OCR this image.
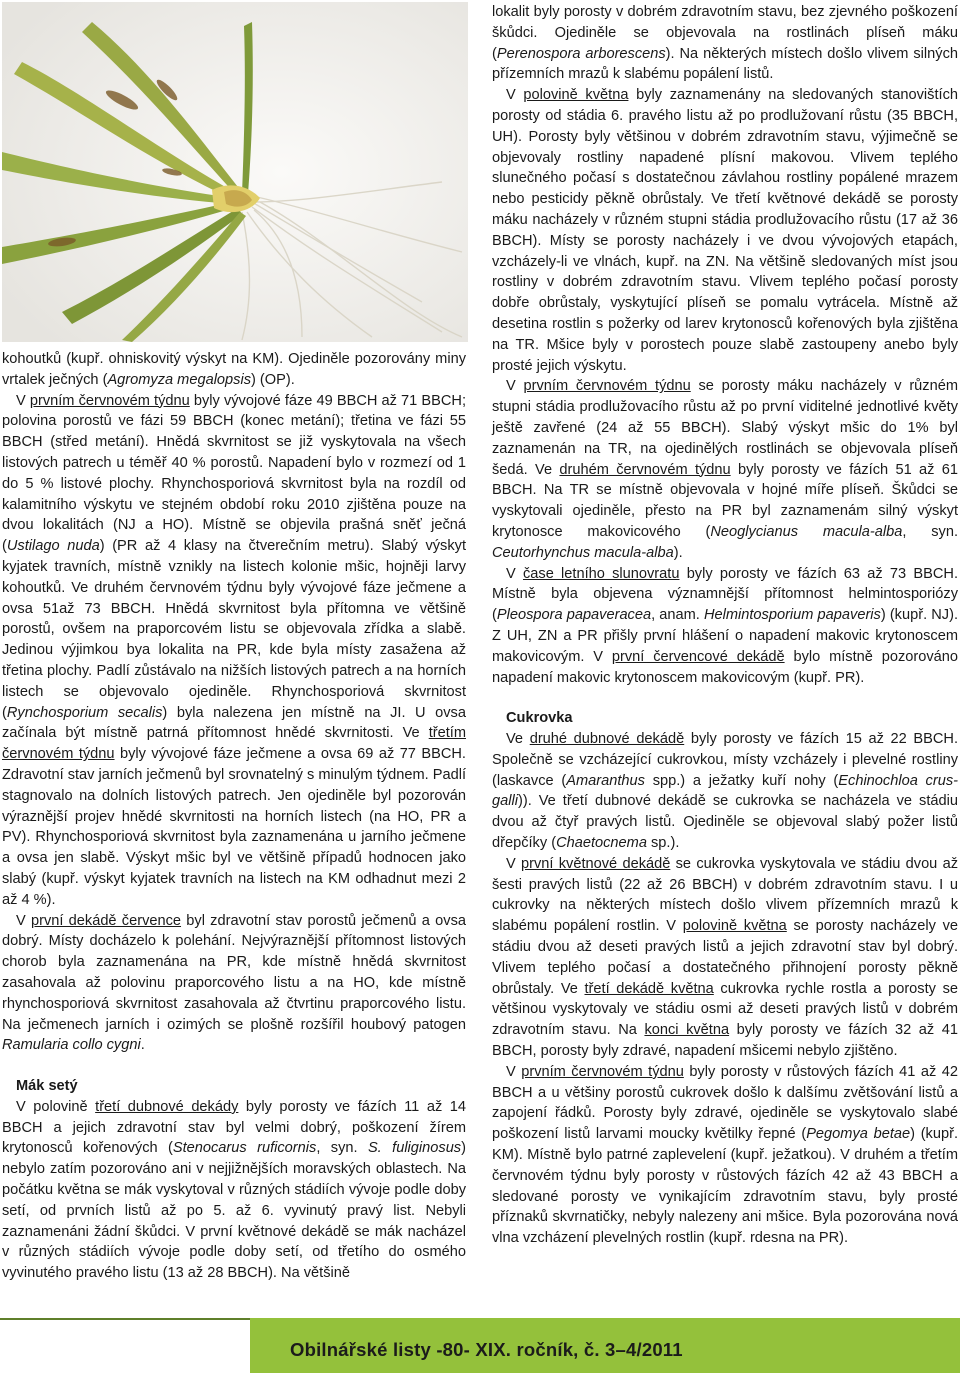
kohoutků (kupř. ohniskovitý výskyt na KM). Ojediněle pozorovány miny vrtalek ječných (Agromyza megalopsis) (OP).

V prvním červnovém týdnu byly vývojové fáze 49 BBCH až 71 BBCH; polovina porostů ve fázi 59 BBCH (konec metání); třetina ve fázi 55 BBCH (střed metání). Hnědá skvrnitost se již vyskytovala na všech listových patrech u téměř 40 % porostů. Napadení bylo v rozmezí od 1 do 5 % listové plochy. Rhynchosporiová skvrnitost byla na rozdíl od kalamitního výskytu ve stejném období roku 2010 zjištěna pouze na dvou lokalitách (NJ a HO). Místně se objevila prašná sněť ječná (Ustilago nuda) (PR až 4 klasy na čtverečním metru). Slabý výskyt kyjatek travních, místně vznikly na listech kolonie mšic, hojněji larvy kohoutků. Ve druhém červnovém týdnu byly vývojové fáze ječmene a ovsa 51až 73 BBCH. Hnědá skvrnitost byla přítomna ve většině porostů, ovšem na praporcovém listu se objevovala zřídka a slabě. Jedinou výjimkou bya lokalita na PR, kde byla místy zasažena až třetina plochy. Padlí zůstávalo na nižších listových patrech a na horních listech se objevovalo ojediněle. Rhynchosporiová skvrnitost (Rynchosporium secalis) byla nalezena jen místně na JI. U ovsa začínala být místně patrná přítomnost hnědé skvrnitosti. Ve třetím červnovém týdnu byly vývojové fáze ječmene a ovsa 69 až 77 BBCH. Zdravotní stav jarních ječmenů byl srovnatelný s minulým týdnem. Padlí stagnovalo na dolních listových patrech. Jen ojediněle byl pozorován výraznější projev hnědé skvrnitosti na horních listech (na HO, PR a PV). Rhynchosporiová skvrnitost byla zaznamenána u jarního ječmene a ovsa jen slabě. Výskyt mšic byl ve většině případů hodnocen jako slabý (kupř. výskyt kyjatek travních na listech na KM odhadnut mezi 2 až 4 %).

V první dekádě července byl zdravotní stav porostů ječmenů a ovsa dobrý. Místy docházelo k polehání. Nejvýraznější přítomnost listových chorob byla zaznamenána na PR, kde místně hnědá skvrnitost zasahovala až polovinu praporcového listu a na HO, kde místně rhynchosporiová skvrnitost zasahovala až čtvrtinu praporcového listu. Na ječmenech jarních i ozimých se plošně rozšířil houbový patogen Ramularia collo cygni.

Mák setý

V polovině třetí dubnové dekády byly porosty ve fázích 11 až 14 BBCH a jejich zdravotní stav byl velmi dobrý, poškození žírem krytonosců kořenových (Stenocarus ruficornis, syn. S. fuliginosus) nebylo zatím pozorováno ani v nejjižnějších moravských oblastech. Na počátku května se mák vyskytoval v různých stádiích vývoje podle doby setí, od prvních listů až po 5. až 6. vyvinutý pravý list. Nebyli zaznamenáni žádní škůdci. V první květnové dekádě se mák nacházel v různých stádiích vývoje podle doby setí, od třetího do osmého vyvinutého pravého listu (13 až 28 BBCH). Na většině

lokalit byly porosty v dobrém zdravotním stavu, bez zjevného poškození škůdci. Ojediněle se objevovala na rostlinách plíseň máku (Perenospora arborescens). Na některých místech došlo vlivem silných přízemních mrazů k slabému popálení listů.

V polovině května byly zaznamenány na sledovaných stanovištích porosty od stádia 6. pravého listu až po prodlužovaní růstu (35 BBCH, UH). Porosty byly většinou v dobrém zdravotním stavu, výjimečně se objevovaly rostliny napadené plísní makovou. Vlivem teplého slunečného počasí s dostatečnou závlahou rostliny popálené mrazem nebo pesticidy pěkně obrůstaly. Ve třetí květnové dekádě se porosty máku nacházely v různém stupni stádia prodlužovacího růstu (17 až 36 BBCH). Místy se porosty nacházely i ve dvou vývojových etapách, vzcházely-li ve vlnách, kupř. na ZN. Na většině sledovaných míst jsou rostliny v dobrém zdravotním stavu. Vlivem teplého počasí porosty dobře obrůstaly, vyskytující plíseň se pomalu vytrácela. Místně až desetina rostlin s požerky od larev krytonosců kořenových byla zjištěna na TR. Mšice byly v porostech pouze slabě zastoupeny anebo byly prosté jejich výskytu.

V prvním červnovém týdnu se porosty máku nacházely v různém stupni stádia prodlužovacího růstu až po první viditelné jednotlivé květy ještě zavřené (24 až 55 BBCH). Slabý výskyt mšic do 1% byl zaznamenán na TR, na ojedinělých rostlinách se objevovala plíseň šedá. Ve druhém červnovém týdnu byly porosty ve fázích 51 až 61 BBCH. Na TR se místně objevovala v hojné míře plíseň. Škůdci se vyskytovali ojediněle, přesto na PR byl zaznamenám silný výskyt krytonosce makovicového (Neoglycianus macula-alba, syn. Ceutorhynchus macula-alba).

V čase letního slunovratu byly porosty ve fázích 63 až 73 BBCH. Místně byla objevena významnější přítomnost helmintosporiózy (Pleospora papaveracea, anam. Helmintosporium papaveris) (kupř. NJ). Z UH, ZN a PR přišly první hlášení o napadení makovic krytonoscem makovicovým. V první červencové dekádě bylo místně pozorováno napadení makovic krytonoscem makovicovým (kupř. PR).

Cukrovka

Ve druhé dubnové dekádě byly porosty ve fázích 15 až 22 BBCH. Společně se vzcházející cukrovkou, místy vzcházely i plevelné rostliny (laskavce (Amaranthus spp.) a ježatky kuří nohy (Echinochloa crus-galli)). Ve třetí dubnové dekádě se cukrovka se nacházela ve stádiu dvou až čtyř pravých listů. Ojediněle se objevoval slabý požer listů dřepčíky (Chaetocnema sp.).

V první květnové dekádě se cukrovka vyskytovala ve stádiu dvou až šesti pravých listů (22 až 26 BBCH) v dobrém zdravotním stavu. I u cukrovky na některých místech došlo vlivem přízemních mrazů k slabému popálení rostlin. V polovině května se porosty nacházely ve stádiu dvou až deseti pravých listů a jejich zdravotní stav byl dobrý. Vlivem teplého počasí a dostatečného přihnojení porosty pěkně obrůstaly. Ve třetí dekádě května cukrovka rychle rostla a porosty se většinou vyskytovaly ve stádiu osmi až deseti pravých listů v dobrém zdravotním stavu. Na konci května byly porosty ve fázích 32 až 41 BBCH, porosty byly zdravé, napadení mšicemi nebylo zjištěno.

V prvním červnovém týdnu byly porosty v růstových fázích 41 až 42 BBCH a u většiny porostů cukrovek došlo k dalšímu zvětšování listů a zapojení řádků. Porosty byly zdravé, ojediněle se vyskytovalo slabé poškození listů larvami moucky květilky řepné (Pegomya betae) (kupř. KM). Místně bylo patrné zaplevelení (kupř. ježatkou). V druhém a třetím červnovém týdnu byly porosty v růstových fázích 42 až 43 BBCH a sledované porosty ve vynikajícím zdravotním stavu, byly prosté příznaků skvrnatičky, nebyly nalezeny ani mšice. Byla pozorována nová vlna vzcházení plevelných rostlin (kupř. rdesna na PR).

Obilnářské listy -80- XIX. ročník, č. 3–4/2011
